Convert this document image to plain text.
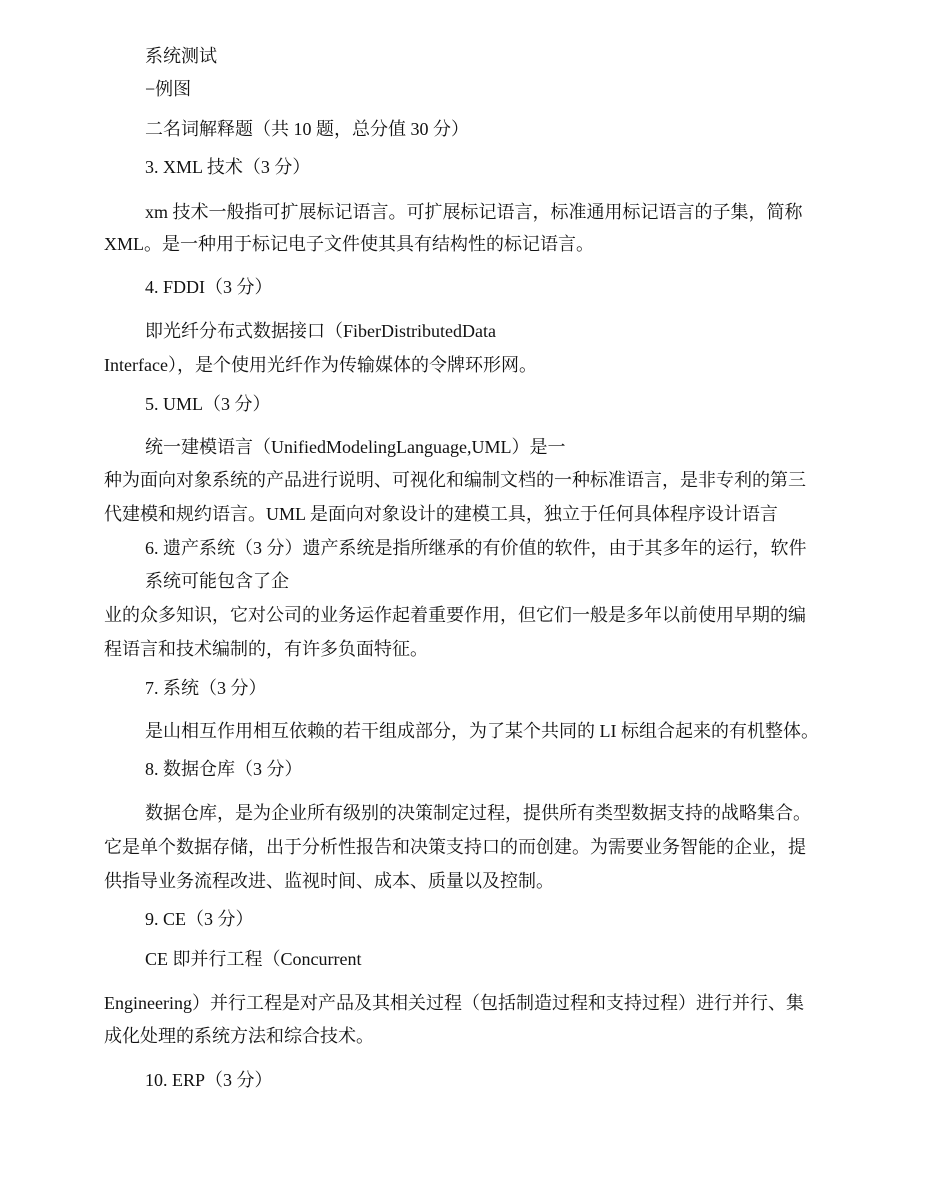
系统测试
−例图
二名词解释题（共 10 题，总分值 30 分）
3. XML 技术（3 分）
xm 技术一般指可扩展标记语言。可扩展标记语言，标准通用标记语言的子集，简称
XML。是一种用于标记电子文件使其具有结构性的标记语言。
4. FDDI（3 分）
即光纤分布式数据接口（FiberDistributedData
Interface），是个使用光纤作为传输媒体的令牌环形网。
5. UML（3 分）
统一建模语言（UnifiedModelingLanguage,UML）是一
种为面向对象系统的产品进行说明、可视化和编制文档的一种标准语言，是非专利的第三
代建模和规约语言。UML 是面向对象设计的建模工具，独立于任何具体程序设计语言
6. 遗产系统（3 分）遗产系统是指所继承的有价值的软件，由于其多年的运行，软件
系统可能包含了企
业的众多知识，它对公司的业务运作起着重要作用，但它们一般是多年以前使用早期的编
程语言和技术编制的，有许多负面特征。
7. 系统（3 分）
是山相互作用相互依赖的若干组成部分，为了某个共同的 LI 标组合起来的有机整体。
8. 数据仓库（3 分）
数据仓库，是为企业所有级别的决策制定过程，提供所有类型数据支持的战略集合。
它是单个数据存储，出于分析性报告和决策支持口的而创建。为需要业务智能的企业，提
供指导业务流程改进、监视时间、成本、质量以及控制。
9. CE（3 分）
CE 即并行工程（Concurrent
Engineering）并行工程是对产品及其相关过程（包括制造过程和支持过程）进行并行、集
成化处理的系统方法和综合技术。
10. ERP（3 分）
